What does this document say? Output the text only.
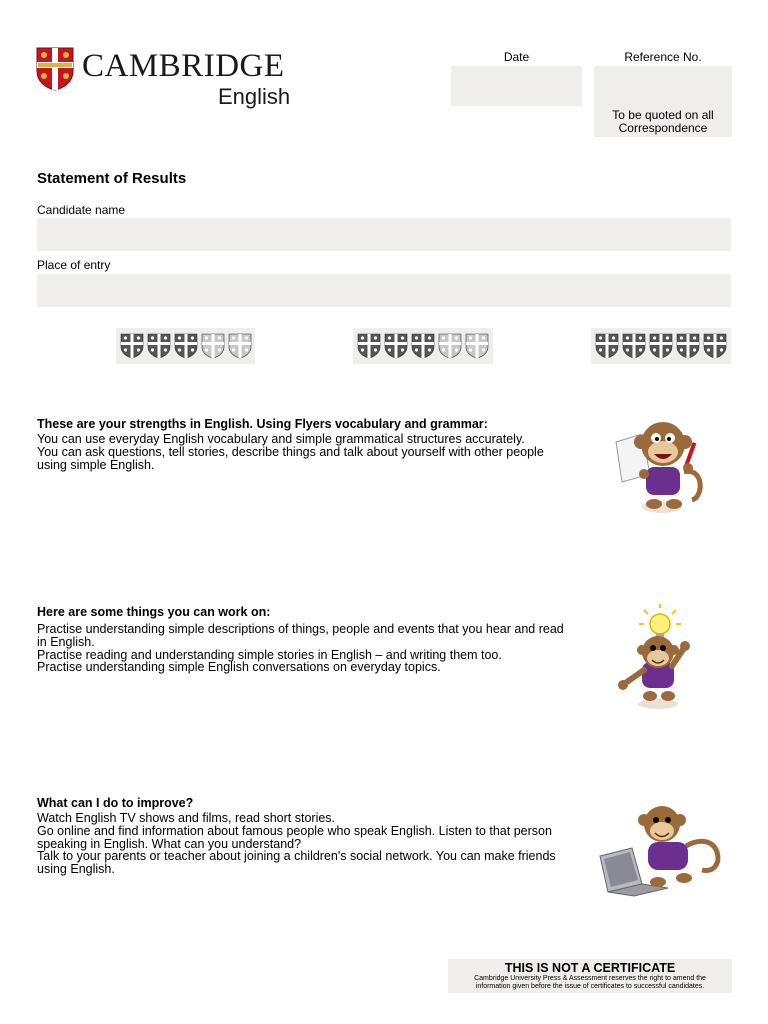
CAMBRIDGE
English
Date	Reference No.
To be quoted on all
Correspondence
Statement of Results
Candidate name
Place of entry
These are your strengths in English. Using Flyers vocabulary and grammar:
You can use everyday English vocabulary and simple grammatical structures accurately.
You can ask questions, tell stories, describe things and talk about yourself with other people
using simple English.
Here are some things you can work on:
Practise understanding simple descriptions of things, people and events that you hear and read
in English.
Practise reading and understanding simple stories in English – and writing them too.
Practise understanding simple English conversations on everyday topics.
What can I do to improve?
Watch English TV shows and films, read short stories.
Go online and find information about famous people who speak English. Listen to that person
speaking in English. What can you understand?
Talk to your parents or teacher about joining a children's social network. You can make friends
using English.
THIS IS NOT A CERTIFICATE
Cambridge University Press & Assessment reserves the right to amend the
information given before the issue of certificates to successful candidates.
